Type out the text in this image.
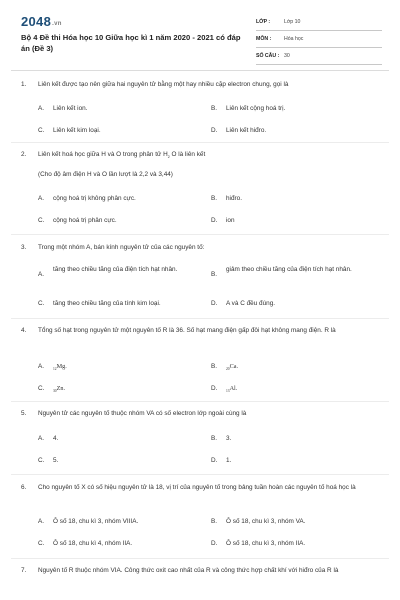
2048.vn
Bộ 4 Đề thi Hóa học 10 Giữa học kì 1 năm 2020 - 2021 có đáp án (Đề 3)
LỚP :	Lớp 10
MÔN :	Hóa học
SỐ CÂU : 30
1. Liên kết được tạo nên giữa hai nguyên tử bằng một hay nhiều cặp electron chung, gọi là
A. Liên kết ion.	B. Liên kết cộng hoá trị.
C. Liên kết kim loại.	D. Liên kết hiđro.
2. Liên kết hoá học giữa H và O trong phân tử $H_2$ O là liên kết
(Cho độ âm điện H và O lần lượt là 2,2 và 3,44)
A. cộng hoá trị không phân cực.	B. hiđro.
C. cộng hoá trị phân cực.	D. ion
3. Trong một nhóm A, bán kính nguyên tử của các nguyên tố:
A.
tăng theo chiều tăng của điện tích hạt nhân.
B.
giảm theo chiều tăng của điện tích hạt nhân.
C. tăng theo chiều tăng của tính kim loại.	D. A và C đều đúng.
4. Tổng số hạt trong nguyên tử một nguyên tố R là 36. Số hạt mang điện gấp đôi hạt không mang điện. R là
A. $_{12}$Mg.	B. $_{20}$Ca.
C. $_{30}$Zn.	D. $_{13}$Al.
5. Nguyên tử các nguyên tố thuộc nhóm VA có số electron lớp ngoài cùng là
A. 4.	B. 3.
C. 5.	D. 1.
6. Cho nguyên tố X có số hiệu nguyên tử là 18, vị trí của nguyên tố trong bảng tuần hoàn các nguyên tố hoá học là
A. Ô số 18, chu kì 3, nhóm VIIIA.	B. Ô số 18, chu kì 3, nhóm VA.
C. Ô số 18, chu kì 4, nhóm IIA.	D. Ô số 18, chu kì 3, nhóm IIA.
7. Nguyên tố R thuộc nhóm VIA. Công thức oxit cao nhất của R và công thức hợp chất khí với hiđro của R là
